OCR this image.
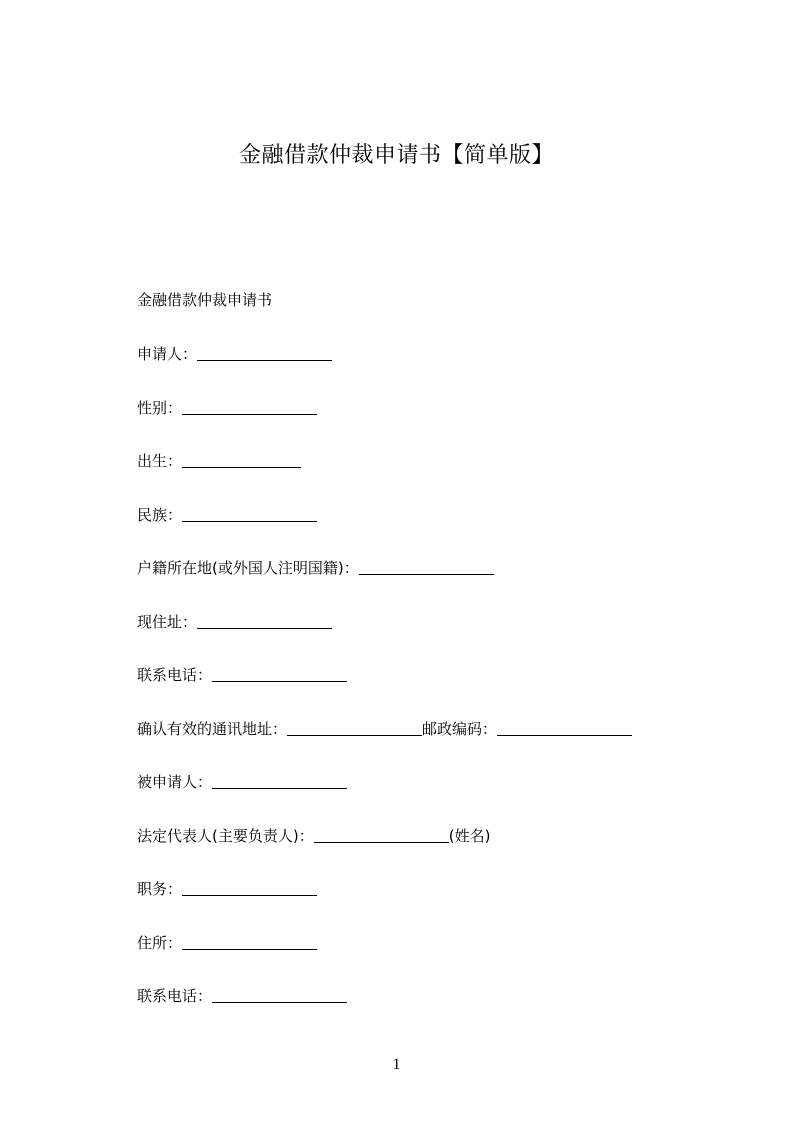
金融借款仲裁申请书【简单版】
金融借款仲裁申请书
申请人：
性别：
出生：
民族：
户籍所在地(或外国人注明国籍)：
现住址：
联系电话：
确认有效的通讯地址：	邮政编码：
被申请人：
法定代表人(主要负责人)：	(姓名)
职务：
住所：
联系电话：
1
